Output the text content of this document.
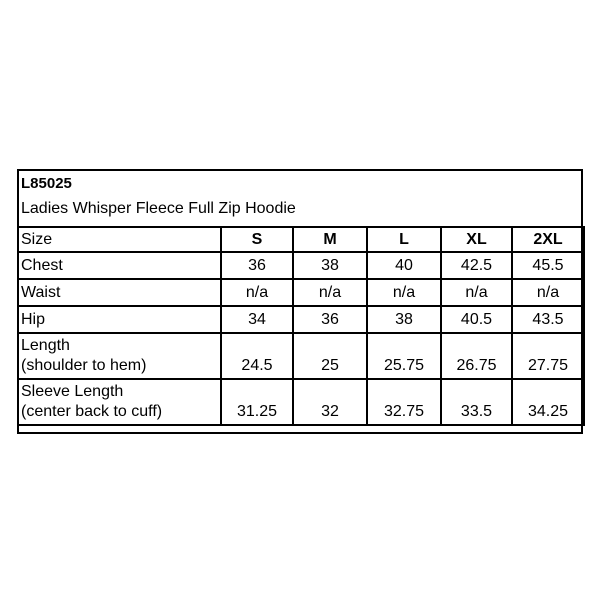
L85025
Ladies Whisper Fleece Full Zip Hoodie
Size	S	M	L	XL	2XL
Chest	36	38	40	42.5	45.5
Waist	n/a	n/a	n/a	n/a	n/a
Hip	34	36	38	40.5	43.5

Length
(shoulder to hem)	24.5	25	25.75	26.75	27.75

Sleeve Length
(center back to cuff)	31.25	32	32.75	33.5	34.25
